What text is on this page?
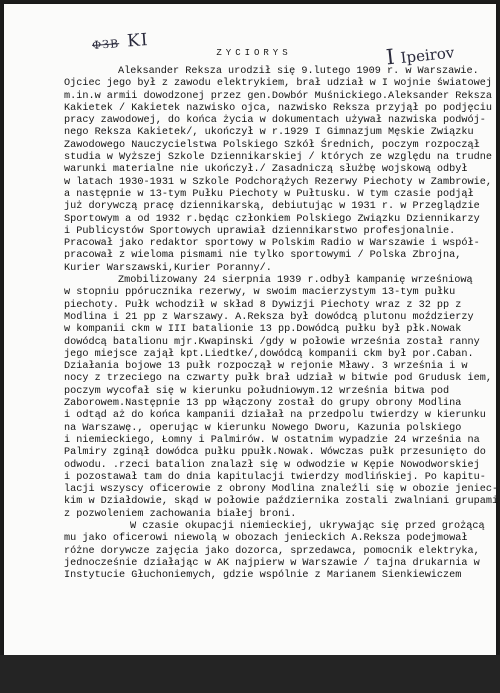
ФЗВ KI
I Ipeirov
ZYCIORYS
Aleksander Reksza urodził się 9.lutego 1909 r. w Warszawie.
Ojciec jego był z zawodu elektrykiem, brał udział w I wojnie światowej
m.in.w armii dowodzonej przez gen.Dowbór Muśnickiego.Aleksander Reksza
Kakietek / Kakietek nazwisko ojca, nazwisko Reksza przyjął po podjęciu
pracy zawodowej, do końca życia w dokumentach używał nazwiska podwój-
nego Reksza Kakietek/, ukończył w r.1929 I Gimnazjum Męskie Związku
Zawodowego Nauczycielstwa Polskiego Szkół Średnich, poczym rozpoczął
studia w Wyższej Szkole Dziennikarskiej / których ze względu na trudne
warunki materialne nie ukończył./ Zasadniczą służbę wojskową odbył
w latach 1930-1931 w Szkole Podchorążych Rezerwy Piechoty w Zambrowie,
a następnie w 13-tym Pułku Piechoty w Pułtusku. W tym czasie podjął
już dorywczą pracę dziennikarską, debiutując w 1931 r. w Przeglądzie
Sportowym a od 1932 r.będąc członkiem Polskiego Związku Dziennikarzy
i Publicystów Sportowych uprawiał dziennikarstwo profesjonalnie.
Pracował jako redaktor sportowy w Polskim Radio w Warszawie i współ-
pracował z wieloma pismami nie tylko sportowymi / Polska Zbrojna,
Kurier Warszawski,Kurier Poranny/.
Zmobilizowany 24 sierpnia 1939 r.odbył kampanię wrześniową
w stopniu ppórucznika rezerwy, w swoim macierzystym 13-tym pułku
piechoty. Pułk wchodził w skład 8 Dywizji Piechoty wraz z 32 pp z
Modlina i 21 pp z Warszawy. A.Reksza był dowódcą plutonu moździerzy
w kompanii ckm w III batalionie 13 pp.Dowódcą pułku był płk.Nowak
dowódcą batalionu mjr.Kwapinski /gdy w połowie września został ranny
jego miejsce zajął kpt.Liedtke/,dowódcą kompanii ckm był por.Caban.
Działania bojowe 13 pułk rozpoczął w rejonie Mławy. 3 września i w
nocy z trzeciego na czwarty pułk brał udział w bitwie pod Grudusk iem,
poczym wycofał się w kierunku południowym.12 września bitwa pod
Zaborowem.Następnie 13 pp włączony został do grupy obrony Modlina
i odtąd aż do końca kampanii działał na przedpolu twierdzy w kierunku
na Warszawę., operując w kierunku Nowego Dworu, Kazunia polskiego
i niemieckiego, Łomny i Palmirów. W ostatnim wypadzie 24 września na
Palmiry zginął dowódca pułku ppułk.Nowak. Wówczas pułk przesunięto do
odwodu. .rzeci batalion znalazł się w odwodzie w Kępie Nowodworskiej
i pozostawał tam do dnia kapitulacji twierdzy modlińskiej. Po kapitu-
lacji wszyscy oficerowie z obrony Modlina znaleźli się w obozie jeniec-
kim w Działdowie, skąd w połowie października zostali zwalniani grupami
z pozwoleniem zachowania białej broni.
W czasie okupacji niemieckiej, ukrywając się przed grożącą
mu jako oficerowi niewolą w obozach jenieckich A.Reksza podejmował
różne dorywcze zajęcia jako dozorca, sprzedawca, pomocnik elektryka,
jednocześnie działając w AK najpierw w Warszawie / tajna drukarnia w
Instytucie Głuchoniemych, gdzie wspólnie z Marianem Sienkiewiczem
